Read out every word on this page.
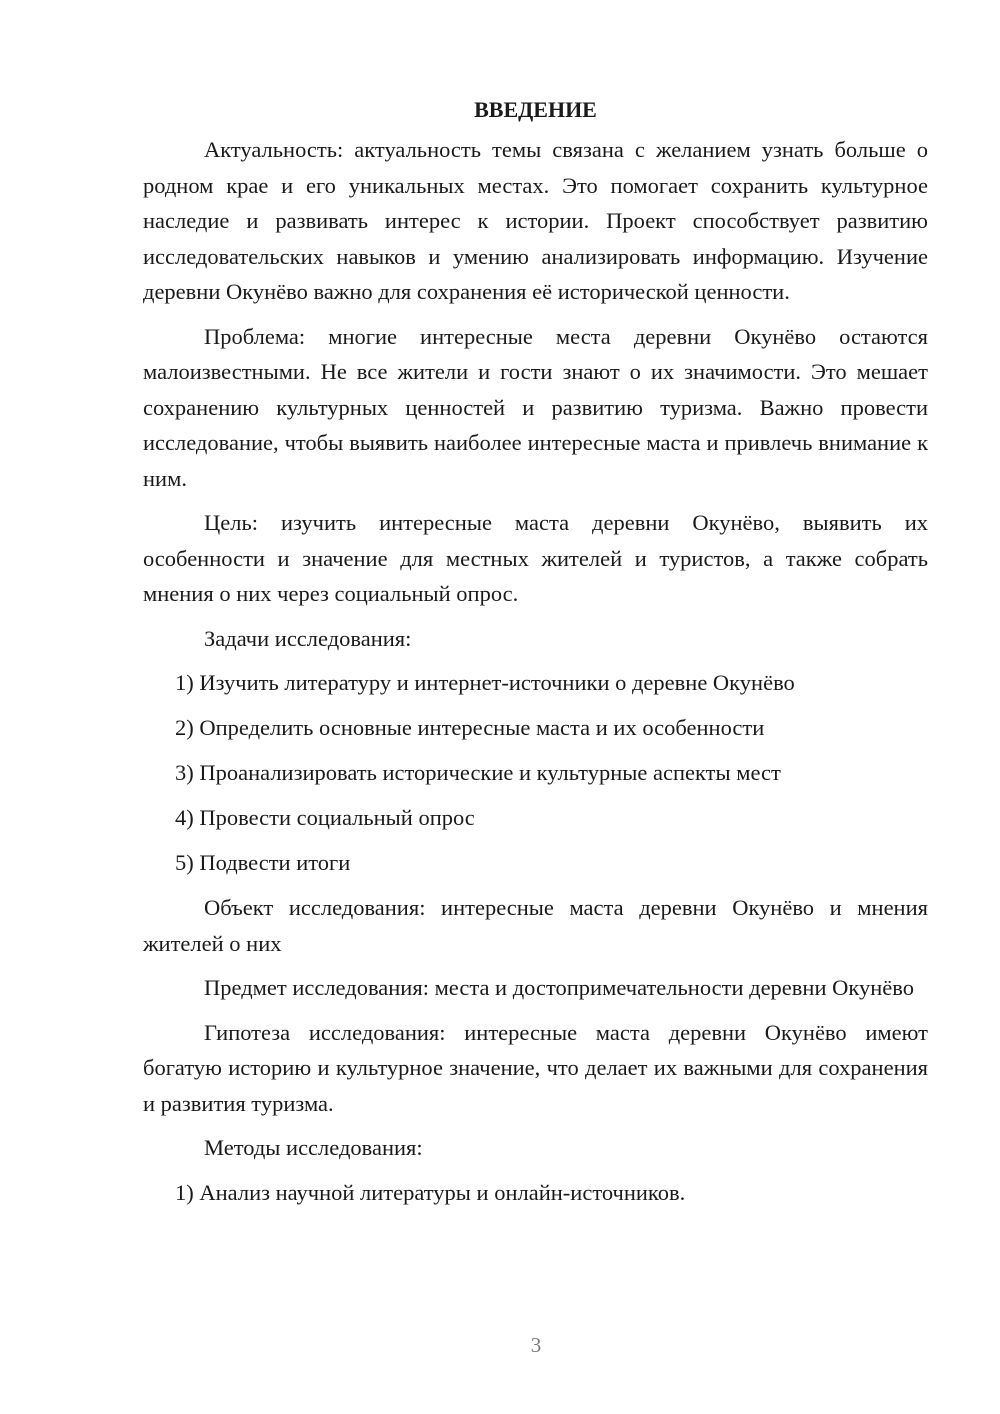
ВВЕДЕНИЕ

Актуальность: актуальность темы связана с желанием узнать больше о родном крае и его уникальных местах. Это помогает сохранить культурное наследие и развивать интерес к истории. Проект способствует развитию исследовательских навыков и умению анализировать информацию. Изучение деревни Окунёво важно для сохранения её исторической ценности.

Проблема: многие интересные места деревни Окунёво остаются малоизвестными. Не все жители и гости знают о их значимости. Это мешает сохранению культурных ценностей и развитию туризма. Важно провести исследование, чтобы выявить наиболее интересные маста и привлечь внимание к ним.

Цель: изучить интересные маста деревни Окунёво, выявить их особенности и значение для местных жителей и туристов, а также собрать мнения о них через социальный опрос.

Задачи исследования:

1) Изучить литературу и интернет-источники о деревне Окунёво

2) Определить основные интересные маста и их особенности

3) Проанализировать исторические и культурные аспекты мест

4) Провести социальный опрос

5) Подвести итоги

Объект исследования: интересные маста деревни Окунёво и мнения жителей о них

Предмет исследования: места и достопримечательности деревни Окунёво

Гипотеза исследования: интересные маста деревни Окунёво имеют богатую историю и культурное значение, что делает их важными для сохранения и развития туризма.

Методы исследования:

1) Анализ научной литературы и онлайн-источников.

3
